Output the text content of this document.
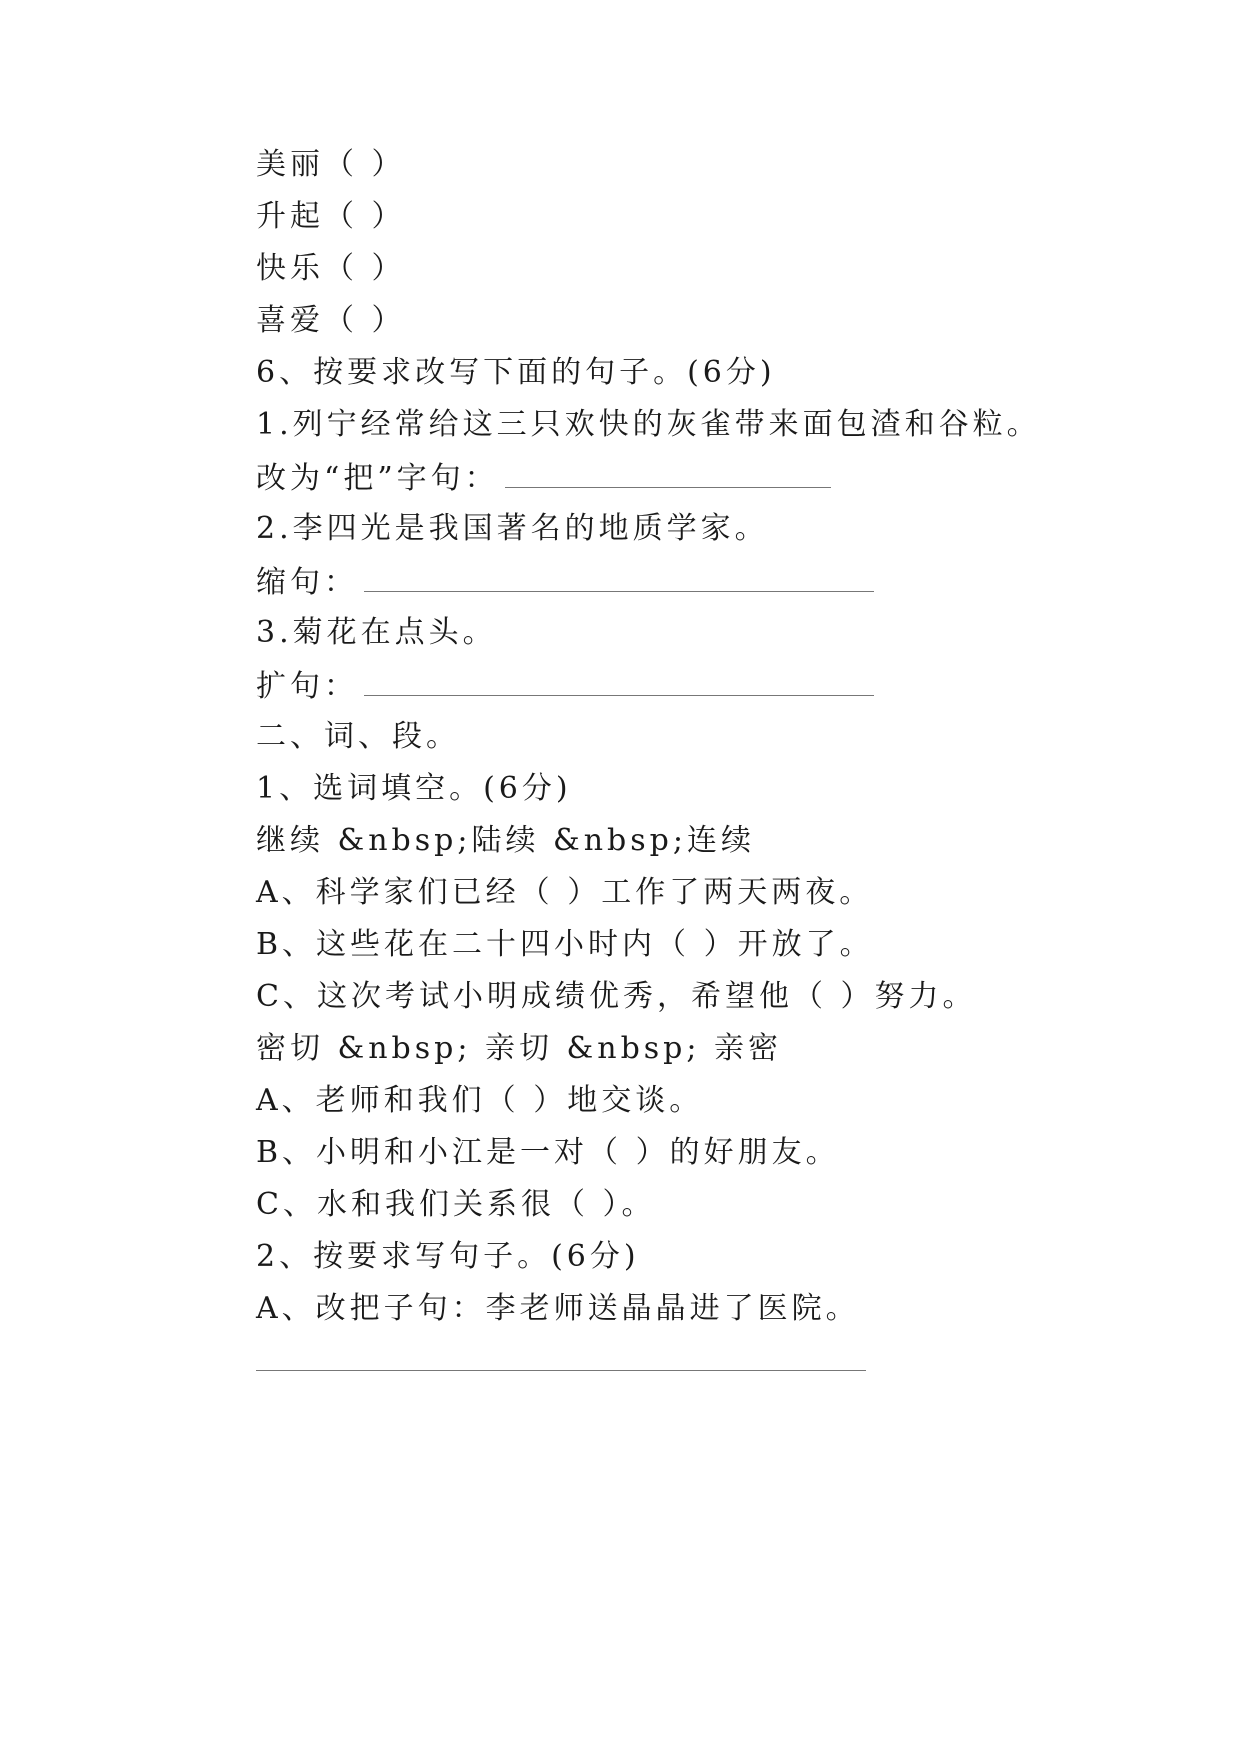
美丽（ ）
升起（ ）
快乐（ ）
喜爱（ ）
6、按要求改写下面的句子。(6分)
1.列宁经常给这三只欢快的灰雀带来面包渣和谷粒。
改为“把”字句：
2.李四光是我国著名的地质学家。
缩句：
3.菊花在点头。
扩句：
二、词、段。
1、选词填空。(6分)
继续 &nbsp;陆续 &nbsp;连续
A、科学家们已经（ ）工作了两天两夜。
B、这些花在二十四小时内（ ）开放了。
C、这次考试小明成绩优秀，希望他（ ）努力。
密切 &nbsp; 亲切 &nbsp; 亲密
A、老师和我们（ ）地交谈。
B、小明和小江是一对（ ）的好朋友。
C、水和我们关系很（ ）。
2、按要求写句子。(6分)
A、改把子句：李老师送晶晶进了医院。
